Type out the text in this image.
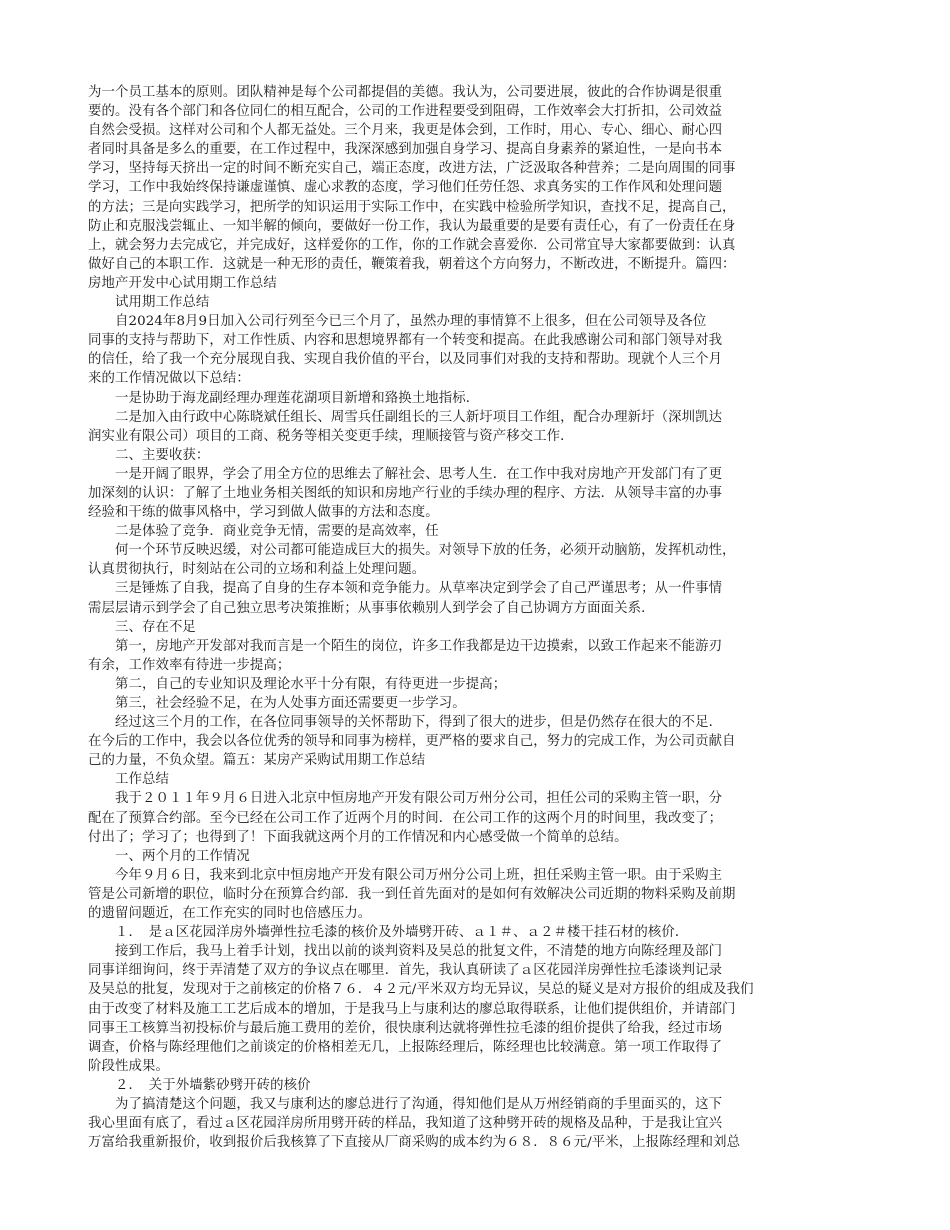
为一个员工基本的原则。团队精神是每个公司都提倡的美德。我认为，公司要进展，彼此的合作协调是很重
要的。没有各个部门和各位同仁的相互配合，公司的工作进程要受到阻碍，工作效率会大打折扣，公司效益
自然会受损。这样对公司和个人都无益处。三个月来，我更是体会到，工作时，用心、专心、细心、耐心四
者同时具备是多么的重要，在工作过程中，我深深感到加强自身学习、提高自身素养的紧迫性，一是向书本
学习，坚持每天挤出一定的时间不断充实自己，端正态度，改进方法，广泛汲取各种营养；二是向周围的同事
学习，工作中我始终保持谦虚谨慎、虚心求教的态度，学习他们任劳任怨、求真务实的工作作风和处理问题
的方法；三是向实践学习，把所学的知识运用于实际工作中，在实践中检验所学知识，查找不足，提高自己，
防止和克服浅尝辄止、一知半解的倾向，要做好一份工作，我认为最重要的是要有责任心，有了一份责任在身
上，就会努力去完成它，并完成好，这样爱你的工作，你的工作就会喜爱你．公司常宜导大家都要做到：认真
做好自己的本职工作．这就是一种无形的责任，鞭策着我，朝着这个方向努力，不断改进，不断提升。篇四：
房地产开发中心试用期工作总结
　　试用期工作总结
　　自2024年8月9日加入公司行列至今已三个月了，虽然办理的事情算不上很多，但在公司领导及各位
同事的支持与帮助下，对工作性质、内容和思想境界都有一个转变和提高。在此我感谢公司和部门领导对我
的信任，给了我一个充分展现自我、实现自我价值的平台，以及同事们对我的支持和帮助。现就个人三个月
来的工作情况做以下总结：
　　一是协助于海龙副经理办理莲花湖项目新增和臵换土地指标．
　　二是加入由行政中心陈晓斌任组长、周雪兵任副组长的三人新圩项目工作组，配合办理新圩（深圳凯达
润实业有限公司）项目的工商、税务等相关变更手续，理顺接管与资产移交工作．
　　二、主要收获：
　　一是开阔了眼界，学会了用全方位的思维去了解社会、思考人生．在工作中我对房地产开发部门有了更
加深刻的认识：了解了土地业务相关图纸的知识和房地产行业的手续办理的程序、方法．从领导丰富的办事
经验和干练的做事风格中，学习到做人做事的方法和态度。
　　二是体验了竞争．商业竞争无情，需要的是高效率，任
　　何一个环节反映迟缓，对公司都可能造成巨大的损失。对领导下放的任务，必须开动脑筋，发挥机动性，
认真贯彻执行，时刻站在公司的立场和利益上处理问题。
　　三是锤炼了自我，提高了自身的生存本领和竞争能力。从草率决定到学会了自己严谨思考；从一件事情
需层层请示到学会了自己独立思考决策推断；从事事依赖别人到学会了自己协调方方面面关系．
　　三、存在不足
　　第一，房地产开发部对我而言是一个陌生的岗位，许多工作我都是边干边摸索，以致工作起来不能游刃
有余，工作效率有待进一步提高；
　　第二，自己的专业知识及理论水平十分有限，有待更进一步提高；
　　第三，社会经验不足，在为人处事方面还需要更一步学习。
　　经过这三个月的工作，在各位同事领导的关怀帮助下，得到了很大的进步，但是仍然存在很大的不足．
在今后的工作中，我会以各位优秀的领导和同事为榜样，更严格的要求自己，努力的完成工作，为公司贡献自
己的力量，不负众望。篇五：某房产采购试用期工作总结
　　工作总结
　　我于２０１１年９月６日进入北京中恒房地产开发有限公司万州分公司，担任公司的采购主管一职，分
配在了预算合约部。至今已经在公司工作了近两个月的时间．在公司工作的这两个月的时间里，我改变了；
付出了；学习了；也得到了！下面我就这两个月的工作情况和内心感受做一个简单的总结。
　　一、两个月的工作情况
　　今年９月６日，我来到北京中恒房地产开发有限公司万州分公司上班，担任采购主管一职。由于采购主
管是公司新增的职位，临时分在预算合约部．我一到任首先面对的是如何有效解决公司近期的物料采购及前期
的遗留问题近，在工作充实的同时也倍感压力。
　　１．　是ａ区花园洋房外墙弹性拉毛漆的核价及外墙劈开砖、ａ１＃、ａ２＃楼干挂石材的核价．
　　接到工作后，我马上着手计划，找出以前的谈判资料及吴总的批复文件，不清楚的地方向陈经理及部门
同事详细询问，终于弄清楚了双方的争议点在哪里．首先，我认真研读了ａ区花园洋房弹性拉毛漆谈判记录
及吴总的批复，发现对于之前核定的价格７６．４２元/平米双方均无异议，吴总的疑义是对方报价的组成及我们
由于改变了材料及施工工艺后成本的增加，于是我马上与康利达的廖总取得联系，让他们提供组价，并请部门
同事王工核算当初投标价与最后施工费用的差价，很快康利达就将弹性拉毛漆的组价提供了给我，经过市场
调查，价格与陈经理他们之前谈定的价格相差无几，上报陈经理后，陈经理也比较满意。第一项工作取得了
阶段性成果。
　　２．　关于外墙紫砂劈开砖的核价
　　为了搞清楚这个问题，我又与康利达的廖总进行了沟通，得知他们是从万州经销商的手里面买的，这下
我心里面有底了，看过ａ区花园洋房所用劈开砖的样品，我知道了这种劈开砖的规格及品种，于是我让宜兴
万富给我重新报价，收到报价后我核算了下直接从厂商采购的成本约为６８．８６元/平米，上报陈经理和刘总
